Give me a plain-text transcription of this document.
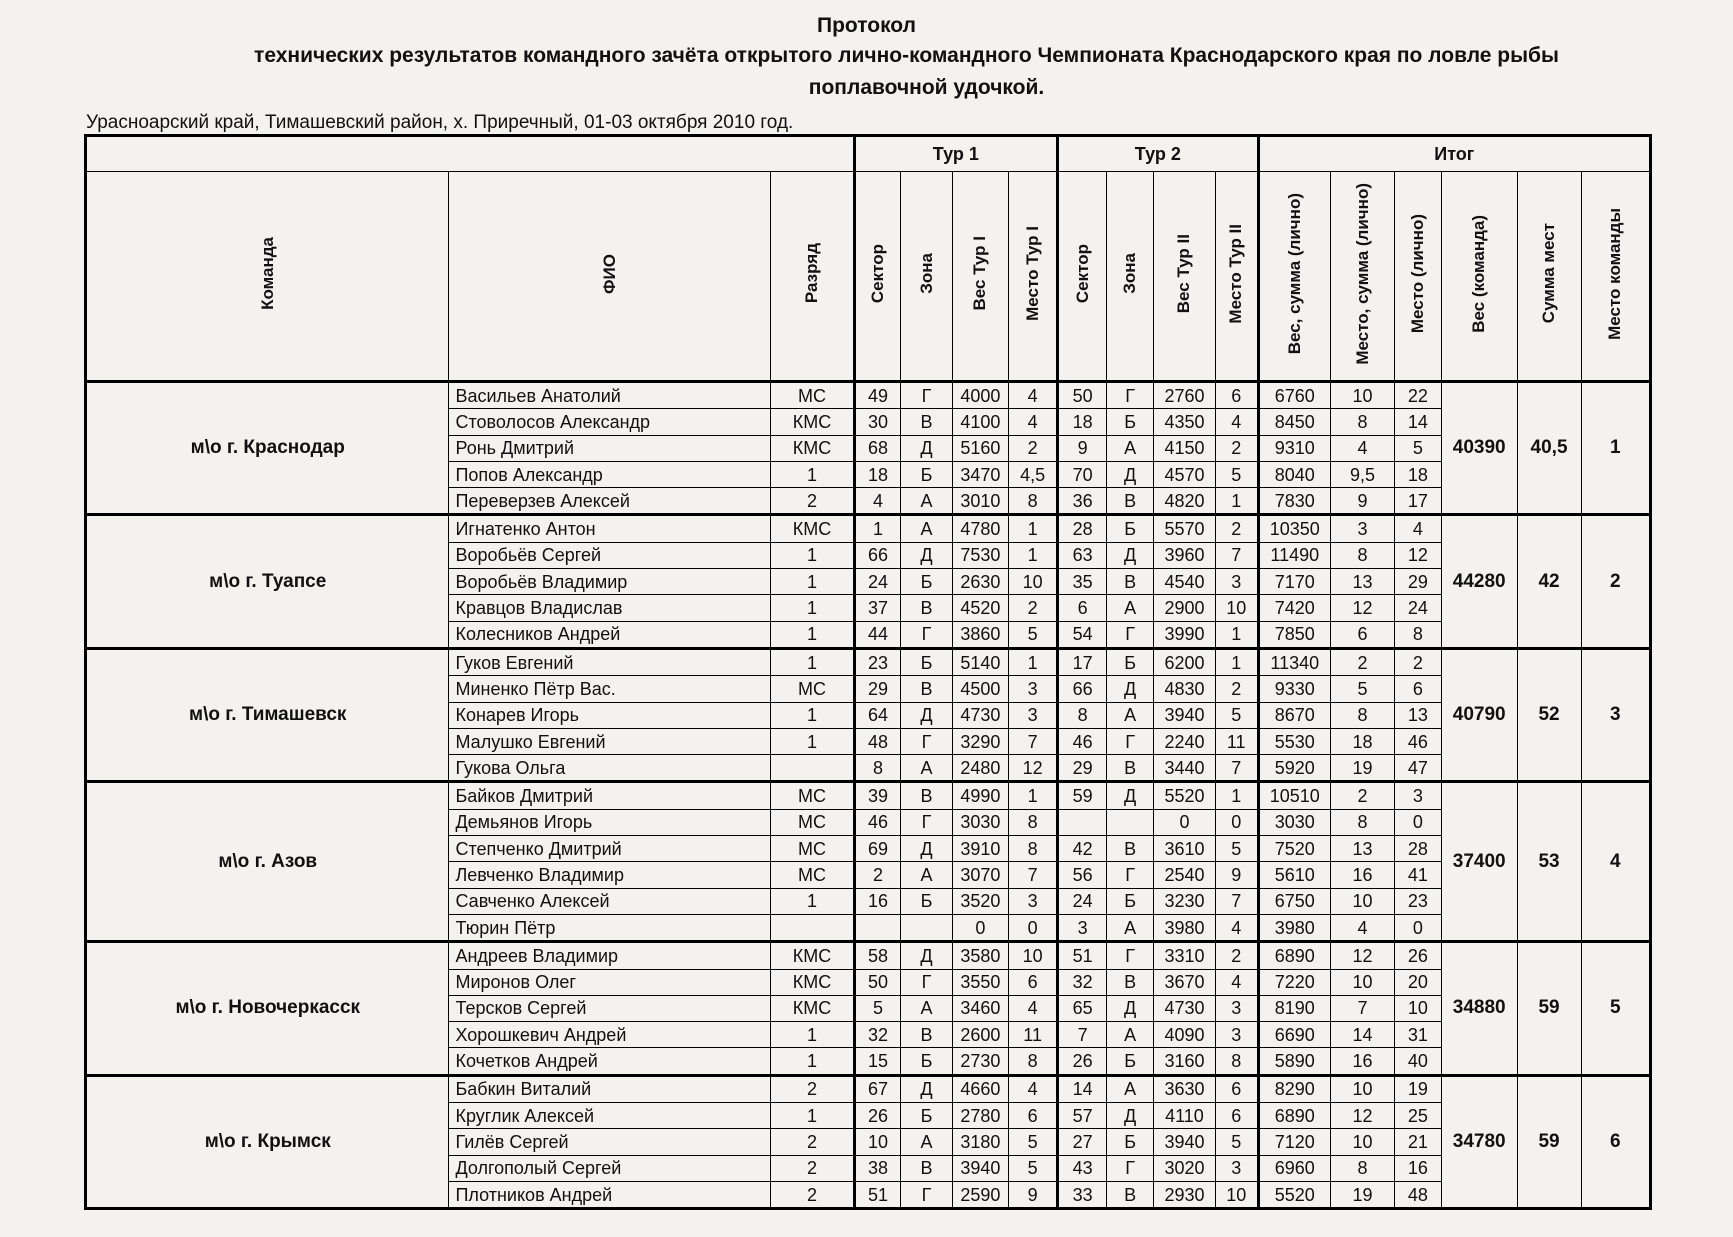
Протокол
технических результатов командного зачёта открытого лично-командного Чемпионата Краснодарского края по ловле рыбы
поплавочной удочкой.

Урасноарский край, Тимашевский район, х. Приречный, 01-03 октября 2010 год.

			Тур 1				Тур 2				Итог					
Команда	ФИО	Разряд	Сектор	Зона	Вес Тур I	Место Тур I	Сектор	Зона	Вес Тур II	Место Тур II	Вес, сумма (лично)	Место, сумма (лично)	Место (лично)	Вес (команда)	Сумма мест	Место команды
м\о г. Краснодар	Васильев Анатолий	МС	49	Г	4000	4	50	Г	2760	6	6760	10	22	40390	40,5	1
	Стоволосов Александр	КМС	30	В	4100	4	18	Б	4350	4	8450	8	14			
	Ронь Дмитрий	КМС	68	Д	5160	2	9	А	4150	2	9310	4	5			
	Попов Александр	1	18	Б	3470	4,5	70	Д	4570	5	8040	9,5	18			
	Переверзев Алексей	2	4	А	3010	8	36	В	4820	1	7830	9	17			
м\о г. Туапсе	Игнатенко Антон	КМС	1	А	4780	1	28	Б	5570	2	10350	3	4	44280	42	2
	Воробьёв Сергей	1	66	Д	7530	1	63	Д	3960	7	11490	8	12			
	Воробьёв Владимир	1	24	Б	2630	10	35	В	4540	3	7170	13	29			
	Кравцов Владислав	1	37	В	4520	2	6	А	2900	10	7420	12	24			
	Колесников Андрей	1	44	Г	3860	5	54	Г	3990	1	7850	6	8			
м\о г. Тимашевск	Гуков Евгений	1	23	Б	5140	1	17	Б	6200	1	11340	2	2	40790	52	3
	Миненко Пётр Вас.	МС	29	В	4500	3	66	Д	4830	2	9330	5	6			
	Конарев Игорь	1	64	Д	4730	3	8	А	3940	5	8670	8	13			
	Малушко Евгений	1	48	Г	3290	7	46	Г	2240	11	5530	18	46			
	Гукова Ольга		8	А	2480	12	29	В	3440	7	5920	19	47			
м\о г. Азов	Байков Дмитрий	МС	39	В	4990	1	59	Д	5520	1	10510	2	3	37400	53	4
	Демьянов Игорь	МС	46	Г	3030	8			0	0	3030	8	0			
	Степченко Дмитрий	МС	69	Д	3910	8	42	В	3610	5	7520	13	28			
	Левченко Владимир	МС	2	А	3070	7	56	Г	2540	9	5610	16	41			
	Савченко Алексей	1	16	Б	3520	3	24	Б	3230	7	6750	10	23			
	Тюрин Пётр				0	0	3	А	3980	4	3980	4	0			
м\о г. Новочеркасск	Андреев Владимир	КМС	58	Д	3580	10	51	Г	3310	2	6890	12	26	34880	59	5
	Миронов Олег	КМС	50	Г	3550	6	32	В	3670	4	7220	10	20			
	Терсков Сергей	КМС	5	А	3460	4	65	Д	4730	3	8190	7	10			
	Хорошкевич Андрей	1	32	В	2600	11	7	А	4090	3	6690	14	31			
	Кочетков Андрей	1	15	Б	2730	8	26	Б	3160	8	5890	16	40			
м\о г. Крымск	Бабкин Виталий	2	67	Д	4660	4	14	А	3630	6	8290	10	19	34780	59	6
	Круглик Алексей	1	26	Б	2780	6	57	Д	4110	6	6890	12	25			
	Гилёв Сергей	2	10	А	3180	5	27	Б	3940	5	7120	10	21			
	Долгополый Сергей	2	38	В	3940	5	43	Г	3020	3	6960	8	16			
	Плотников Андрей	2	51	Г	2590	9	33	В	2930	10	5520	19	48			
